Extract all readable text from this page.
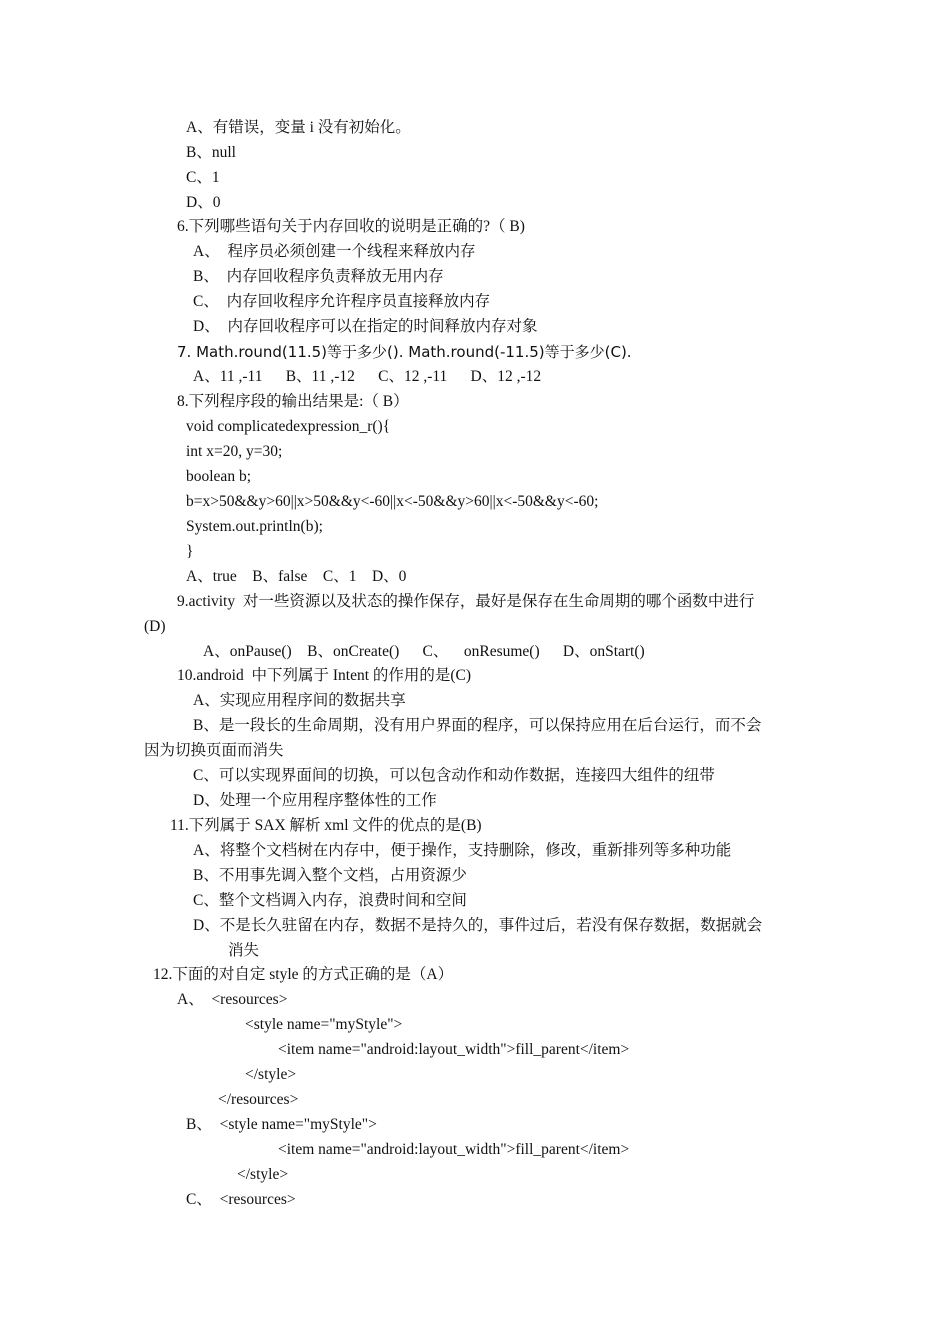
A、有错误，变量 i 没有初始化。

B、null

C、1

D、0

6.下列哪些语句关于内存回收的说明是正确的?（ B)

A、  程序员必须创建一个线程来释放内存

B、  内存回收程序负责释放无用内存

C、  内存回收程序允许程序员直接释放内存

D、  内存回收程序可以在指定的时间释放内存对象

7. Math.round(11.5)等于多少(). Math.round(-11.5)等于多少(C).

A、11 ,-11      B、11 ,-12      C、12 ,-11      D、12 ,-12

8.下列程序段的输出结果是:（ B）

void complicatedexpression_r(){

int x=20, y=30;

boolean b;

b=x>50&&y>60||x>50&&y<-60||x<-50&&y>60||x<-50&&y<-60;

System.out.println(b);

}

A、true    B、false    C、1    D、0

9.activity  对一些资源以及状态的操作保存，最好是保存在生命周期的哪个函数中进行

(D)

A、onPause()    B、onCreate()      C、    onResume()      D、onStart()

10.android  中下列属于 Intent 的作用的是(C)

A、实现应用程序间的数据共享

B、是一段长的生命周期，没有用户界面的程序，可以保持应用在后台运行，而不会

因为切换页面而消失

C、可以实现界面间的切换，可以包含动作和动作数据，连接四大组件的纽带

D、处理一个应用程序整体性的工作

11.下列属于 SAX 解析 xml 文件的优点的是(B)

A、将整个文档树在内存中，便于操作，支持删除，修改，重新排列等多种功能

B、不用事先调入整个文档，占用资源少

C、整个文档调入内存，浪费时间和空间

D、不是长久驻留在内存，数据不是持久的，事件过后，若没有保存数据，数据就会

消失

12.下面的对自定 style 的方式正确的是（A）

A、  <resources>

<style name="myStyle">

<item name="android:layout_width">fill_parent</item>

</style>

</resources>

B、  <style name="myStyle">

<item name="android:layout_width">fill_parent</item>

</style>

C、  <resources>
